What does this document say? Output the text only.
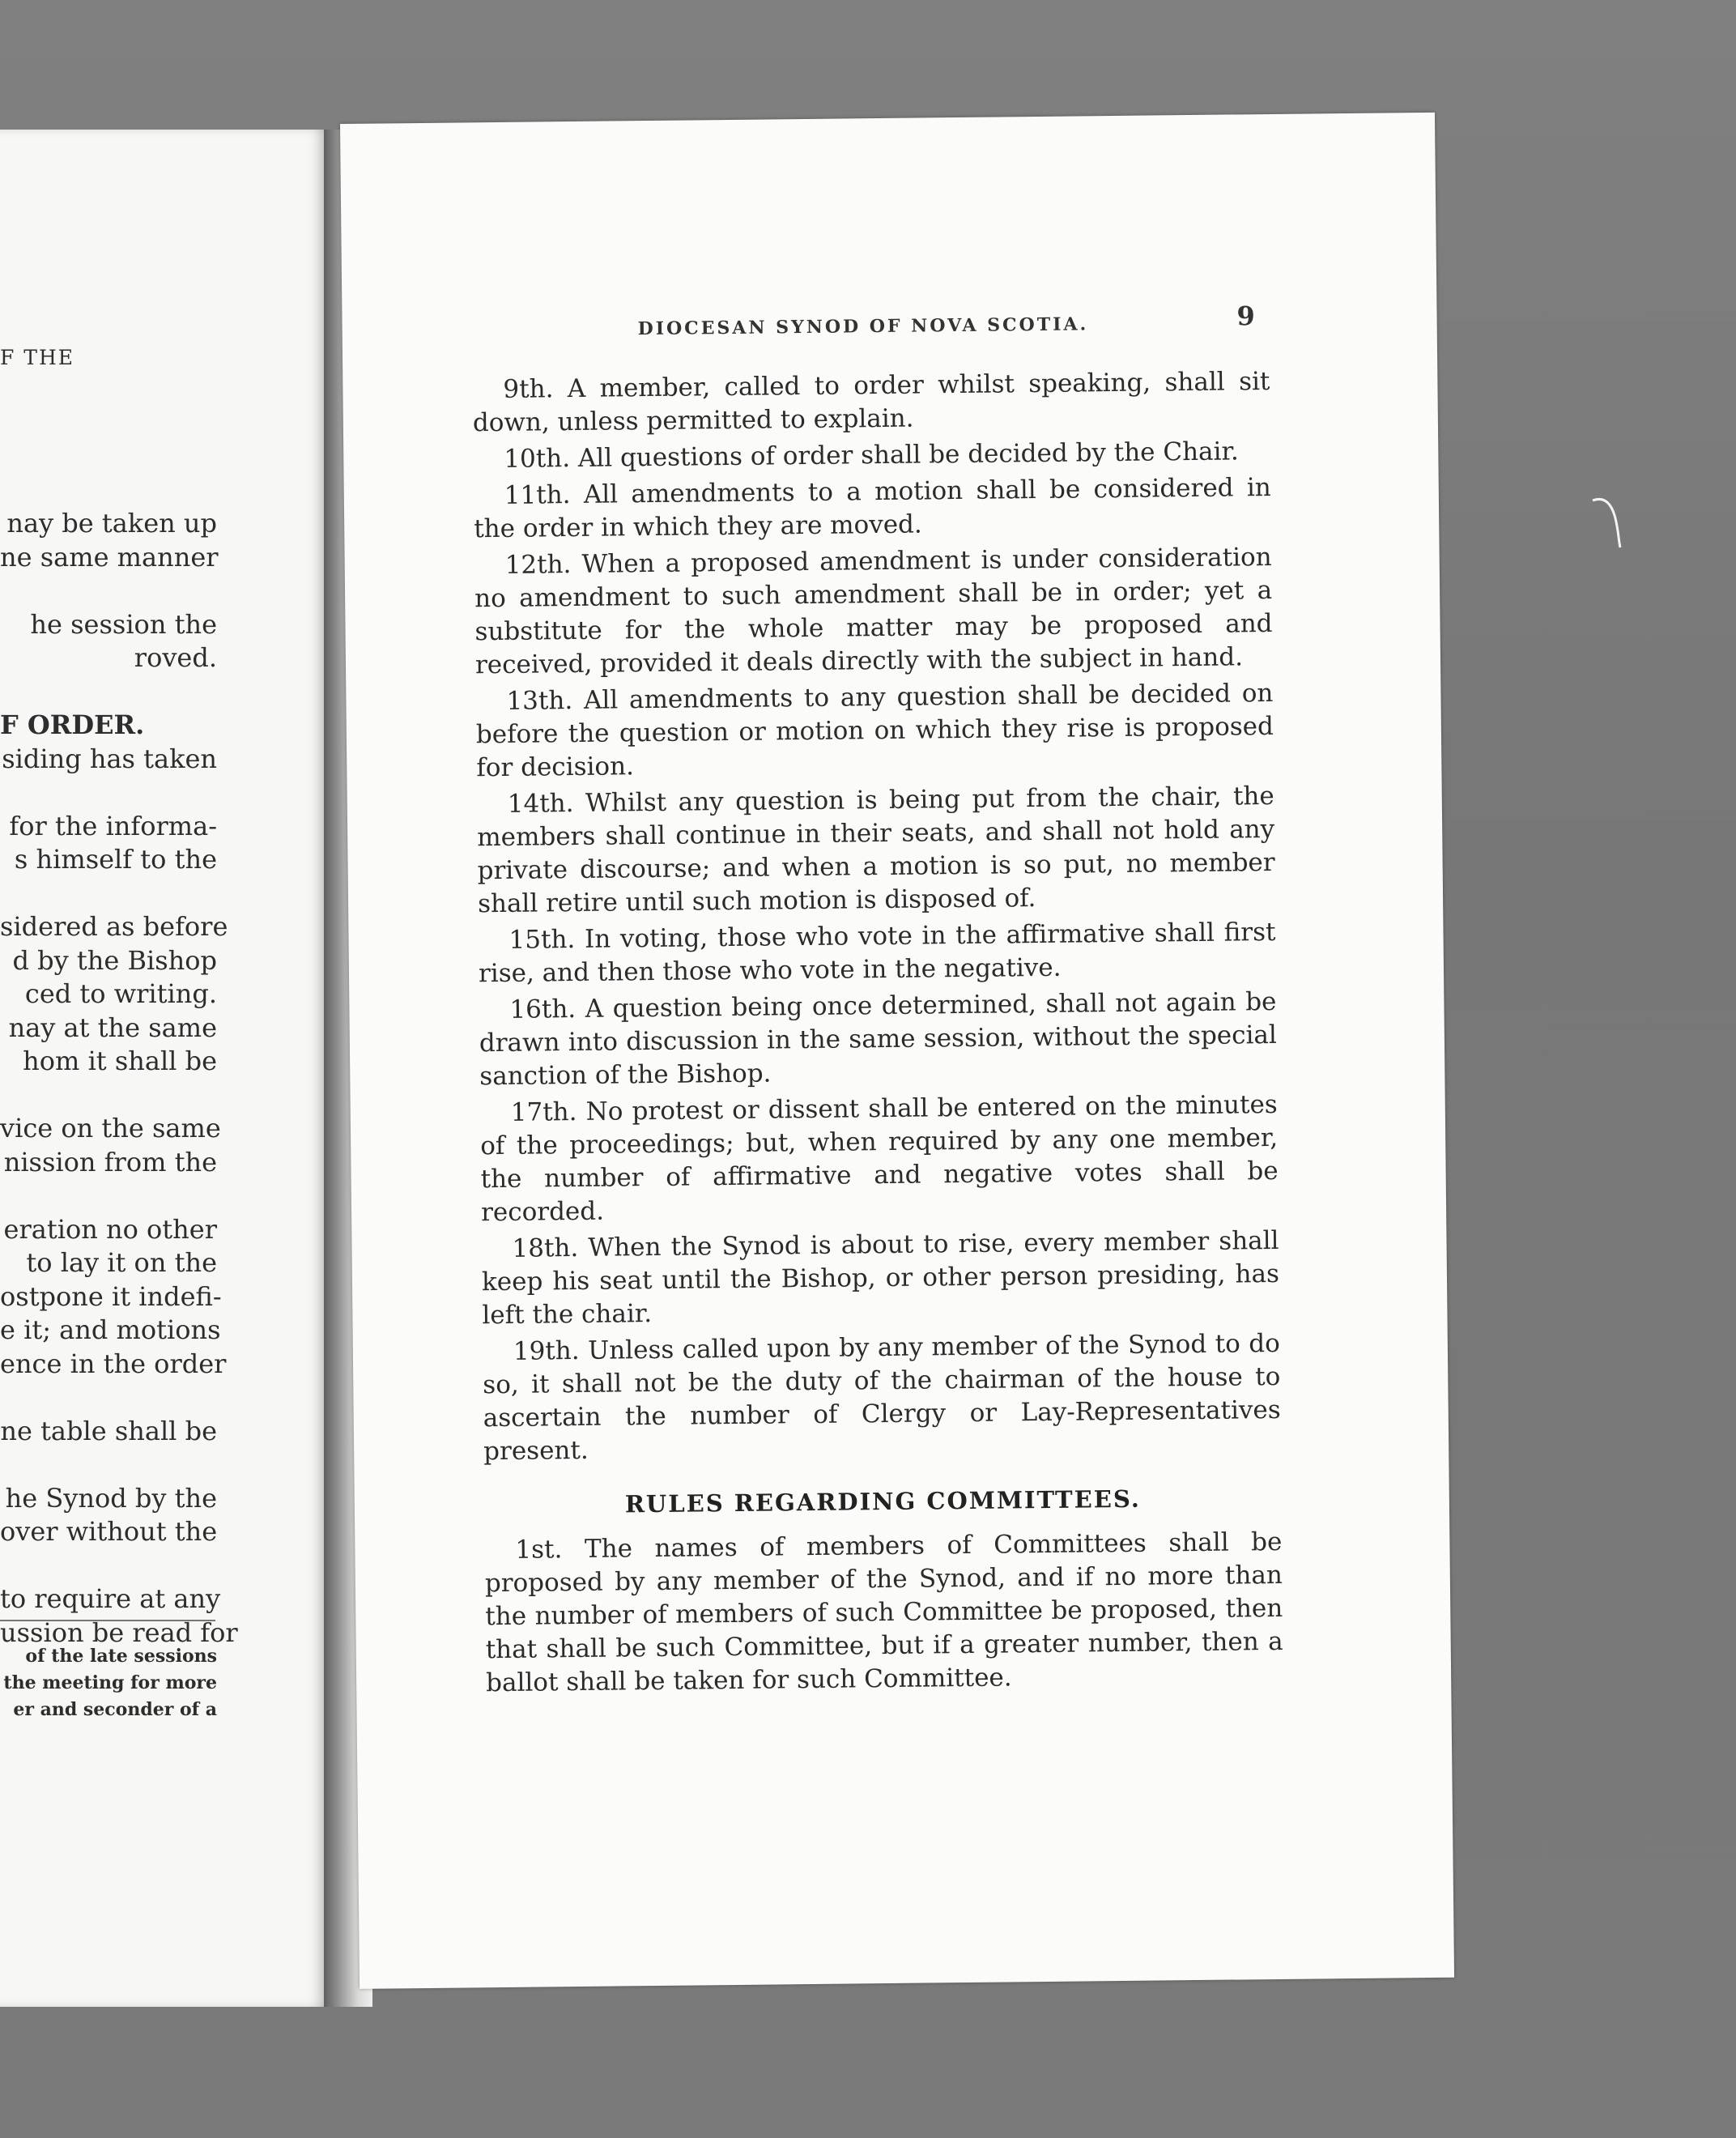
F THE
nay be taken up
ne same manner
he session the
roved.
F ORDER.
siding has taken
for the informa-
s himself to the
sidered as before
d by the Bishop
ced to writing.
nay at the same
hom it shall be
vice on the same
nission from the
eration no other
to lay it on the
ostpone it indefi-
e it; and motions
ence in the order
ne table shall be
he Synod by the
over without the
to require at any
ussion be read for
of the late sessions
the meeting for more
er and seconder of a
DIOCESAN SYNOD OF NOVA SCOTIA.	9

9th. A member, called to order whilst speaking, shall sit down, unless permitted to explain.

10th. All questions of order shall be decided by the Chair.

11th. All amendments to a motion shall be considered in the order in which they are moved.

12th. When a proposed amendment is under consideration no amendment to such amendment shall be in order; yet a substitute for the whole matter may be proposed and received, provided it deals directly with the subject in hand.

13th. All amendments to any question shall be decided on before the question or motion on which they rise is proposed for decision.

14th. Whilst any question is being put from the chair, the members shall continue in their seats, and shall not hold any private discourse; and when a motion is so put, no member shall retire until such motion is disposed of.

15th. In voting, those who vote in the affirmative shall first rise, and then those who vote in the negative.

16th. A question being once determined, shall not again be drawn into discussion in the same session, without the special sanction of the Bishop.

17th. No protest or dissent shall be entered on the minutes of the proceedings; but, when required by any one member, the number of affirmative and negative votes shall be recorded.

18th. When the Synod is about to rise, every member shall keep his seat until the Bishop, or other person presiding, has left the chair.

19th. Unless called upon by any member of the Synod to do so, it shall not be the duty of the chairman of the house to ascertain the number of Clergy or Lay-Representatives present.

RULES REGARDING COMMITTEES.

1st. The names of members of Committees shall be proposed by any member of the Synod, and if no more than the number of members of such Committee be proposed, then that shall be such Committee, but if a greater number, then a ballot shall be taken for such Committee.
